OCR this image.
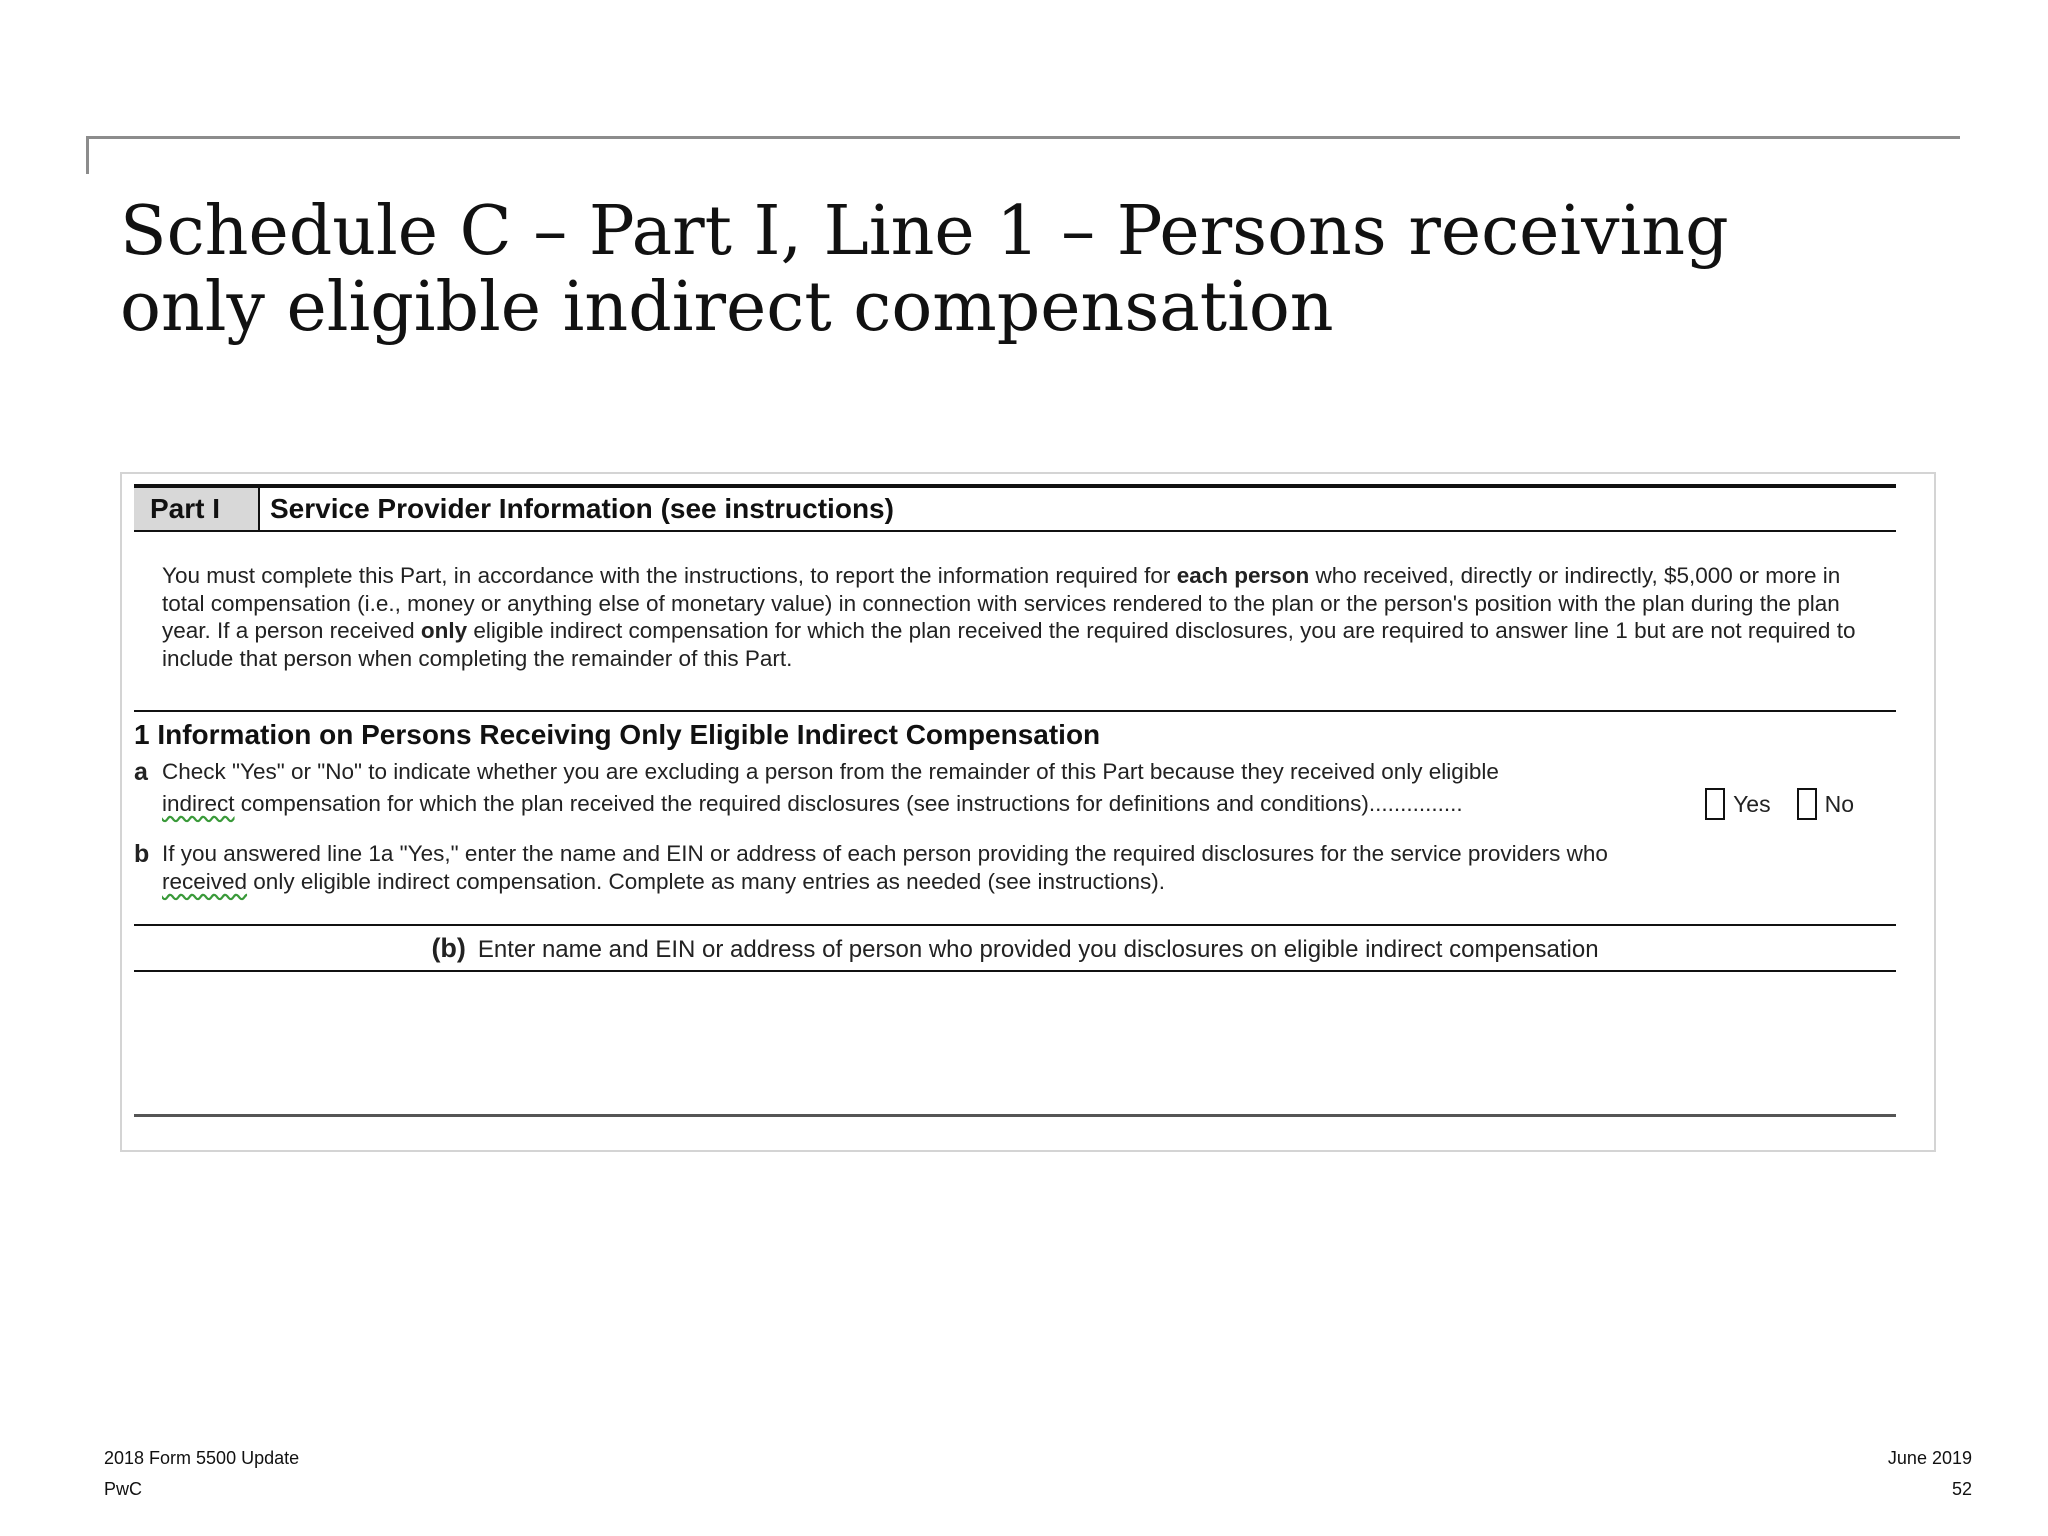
Schedule C – Part I, Line 1 – Persons receiving only eligible indirect compensation
Part I	Service Provider Information (see instructions)
You must complete this Part, in accordance with the instructions, to report the information required for each person who received, directly or indirectly, $5,000 or more in total compensation (i.e., money or anything else of monetary value) in connection with services rendered to the plan or the person's position with the plan during the plan year. If a person received only eligible indirect compensation for which the plan received the required disclosures, you are required to answer line 1 but are not required to include that person when completing the remainder of this Part.
1 Information on Persons Receiving Only Eligible Indirect Compensation
a Check "Yes" or "No" to indicate whether you are excluding a person from the remainder of this Part because they received only eligible
indirect compensation for which the plan received the required disclosures (see instructions for definitions and conditions)...............	Yes No
b If you answered line 1a "Yes," enter the name and EIN or address of each person providing the required disclosures for the service providers who
received only eligible indirect compensation. Complete as many entries as needed (see instructions).
(b) Enter name and EIN or address of person who provided you disclosures on eligible indirect compensation
2018 Form 5500 Update
PwC
June 2019
52
